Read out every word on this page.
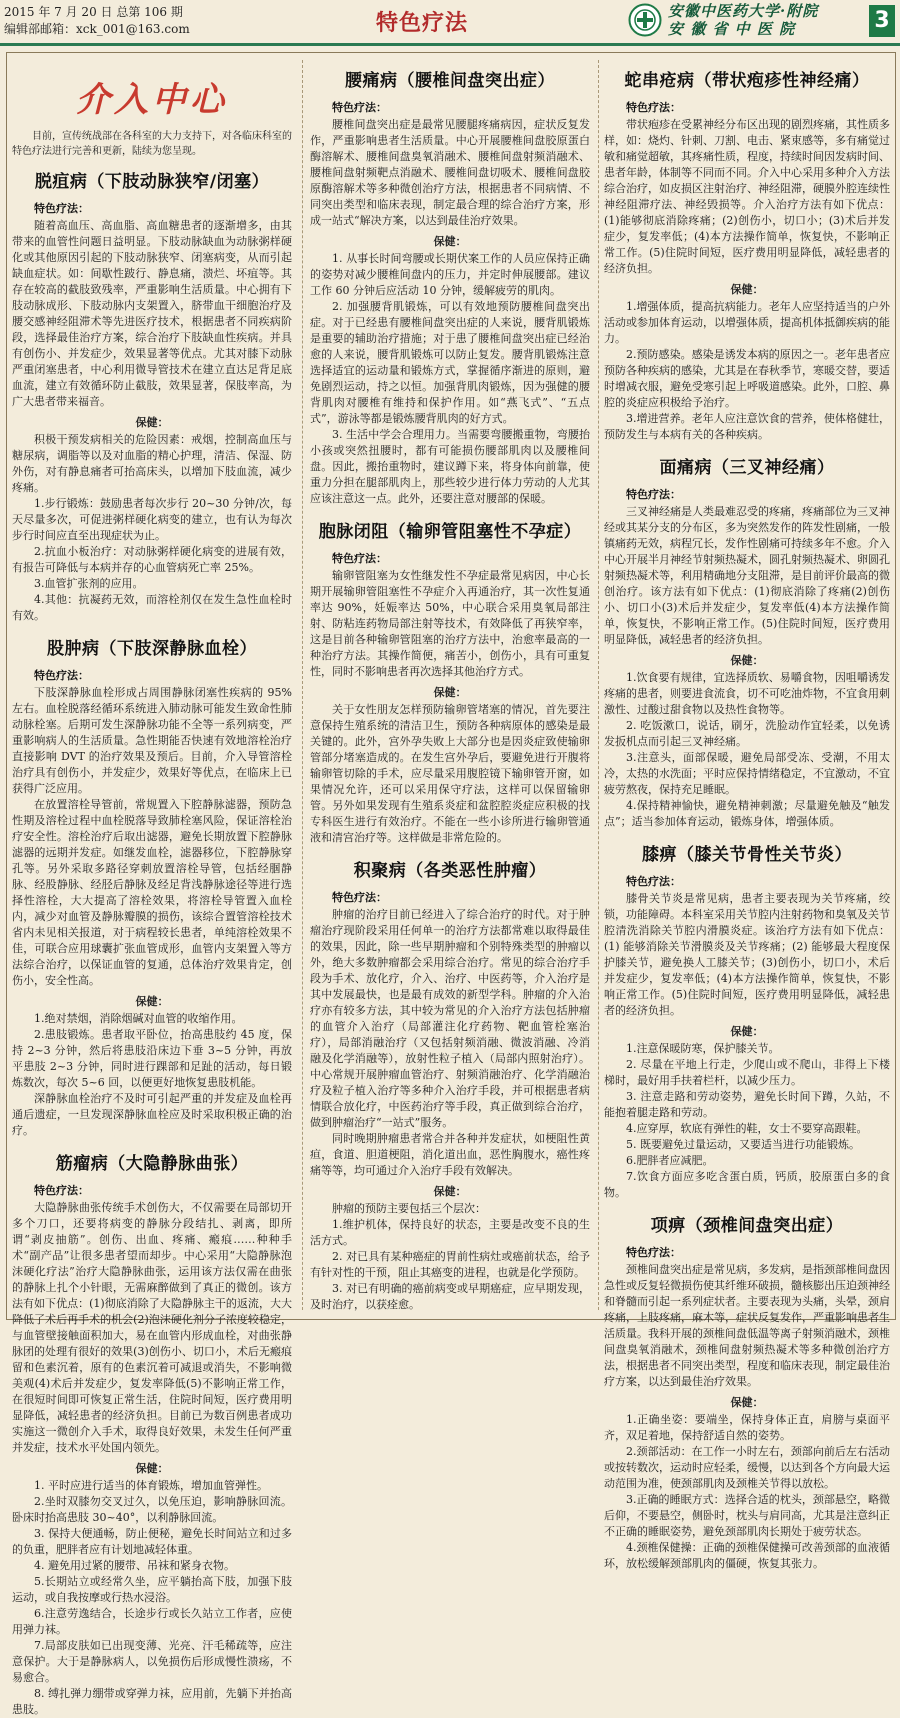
2015 年 7 月 20 日 总第 106 期
编辑部邮箱：xck_001@163.com	特色疗法	安徽中医药大学·附院
安 徽 省 中 医 院	3
介入中心
目前，宣传统战部在各科室的大力支持下，对各临床科室的特色疗法进行完善和更新，陆续为您呈现。
脱疽病（下肢动脉狭窄/闭塞）
特色疗法：

随着高血压、高血脂、高血糖患者的逐渐增多，由其带来的血管性问题日益明显。下肢动脉缺血为动脉粥样硬化或其他原因引起的下肢动脉狭窄、闭塞病变，从而引起缺血症状。如：间歇性跛行、静息痛，溃烂、坏疽等。其存在较高的截肢致残率，严重影响生活质量。中心拥有下肢动脉成形、下肢动脉内支架置入，脐带血干细胞治疗及腰交感神经阻滞术等先进医疗技术，根据患者不同疾病阶段，选择最佳治疗方案，综合治疗下肢缺血性疾病。并具有创伤小、并发症少，效果显著等优点。尤其对膝下动脉严重闭塞患者，中心利用微导管技术在建立直达足背足底血流，建立有效循环防止截肢，效果显著，保肢率高，为广大患者带来福音。

保健：

积极干预发病相关的危险因素：戒烟，控制高血压与糖尿病，调脂等以及对血脂的精心护理，清洁、保湿、防外伤，对有静息痛者可抬高床头，以增加下肢血流，减少疼痛。

1.步行锻炼：鼓励患者每次步行 20~30 分钟/次，每天尽量多次，可促进粥样硬化病变的建立，也有认为每次步行时间应直至出现症状为止。

2.抗血小板治疗：对动脉粥样硬化病变的进展有效，有报告可降低与本病并存的心血管病死亡率 25%。

3.血管扩张剂的应用。

4.其他：抗凝药无效，而溶栓剂仅在发生急性血栓时有效。

股肿病（下肢深静脉血栓）
特色疗法：

下肢深静脉血栓形成占周围静脉闭塞性疾病的 95%左右。血栓脱落经循环系统进入肺动脉可能发生致命性肺动脉栓塞。后期可发生深静脉功能不全等一系列病变，严重影响病人的生活质量。急性期能否快速有效地溶栓治疗直接影响 DVT 的治疗效果及预后。目前，介入导管溶栓治疗具有创伤小，并发症少，效果好等优点，在临床上已获得广泛应用。

在放置溶栓导管前，常规置入下腔静脉滤器，预防急性期及溶栓过程中血栓脱落导致肺栓塞风险，保证溶栓治疗安全性。溶栓治疗后取出滤器，避免长期放置下腔静脉滤器的远期并发症。如继发血栓，滤器移位，下腔静脉穿孔等。另外采取多路径穿刺放置溶栓导管，包括经腘静脉、经股静脉、经胫后静脉及经足背浅静脉途径等进行选择性溶栓，大大提高了溶栓效果，将溶栓导管置入血栓内，减少对血管及静脉瓣膜的损伤，该综合置管溶栓技术省内未见相关报道，对于病程较长患者，单纯溶栓效果不佳，可联合应用球囊扩张血管成形，血管内支架置入等方法综合治疗，以保证血管的复通，总体治疗效果肯定，创伤小，安全性高。

保健：

1.绝对禁烟，消除烟碱对血管的收缩作用。

2.患肢锻炼。患者取平卧位，抬高患肢约 45 度，保持 2~3 分钟，然后将患肢沿床边下垂 3~5 分钟，再放平患肢 2~3 分钟，同时进行踝部和足趾的活动，每日锻炼数次，每次 5~6 回，以便更好地恢复患肢机能。

深静脉血栓治疗不及时可引起严重的并发症及血栓再通后遗症，一旦发现深静脉血栓应及时采取积极正确的治疗。

筋瘤病（大隐静脉曲张）
特色疗法：

大隐静脉曲张传统手术创伤大，不仅需要在局部切开多个刀口，还要将病变的静脉分段结扎、剥离，即所谓“剥皮抽筋”。创伤、出血、疼痛、瘢痕……种种手术“副产品”让很多患者望而却步。中心采用“大隐静脉泡沫硬化疗法”治疗大隐静脉曲张，运用该方法仅需在曲张的静脉上扎个小针眼，无需麻醉做到了真正的微创。该方法有如下优点：(1)彻底消除了大隐静脉主干的返流，大大降低了术后再手术的机会(2)泡沫硬化剂分子浓度较稳定，与血管壁接触面积加大，易在血管内形成血栓，对曲张静脉团的处理有很好的效果(3)创伤小、切口小，术后无瘢痕留和色素沉着，原有的色素沉着可减退或消失，不影响微美观(4)术后并发症少，复发率降低(5)不影响正常工作，在很短时间即可恢复正常生活，住院时间短，医疗费用明显降低，减轻患者的经济负担。目前已为数百例患者成功实施这一微创介入手术，取得良好效果，未发生任何严重并发症，技术水平处国内领先。

保健：

1. 平时应进行适当的体育锻炼，增加血管弹性。

2.坐时双膝勿交叉过久，以免压迫，影响静脉回流。卧床时抬高患肢 30~40°，以利静脉回流。

3. 保持大便通畅，防止便秘，避免长时间站立和过多的负重，肥胖者应有计划地减轻体重。

4. 避免用过紧的腰带、吊袜和紧身衣物。

5.长期站立或经常久坐，应平躺抬高下肢，加强下肢运动，或自我按摩或行热水浸浴。

6.注意劳逸结合，长途步行或长久站立工作者，应使用弹力袜。

7.局部皮肤如已出现变薄、光亮、汗毛稀疏等，应注意保护。大于是静脉病人，以免损伤后形成慢性溃疡，不易愈合。

8. 缚扎弹力绷带或穿弹力袜，应用前，先躺下并抬高患肢。

腰痛病（腰椎间盘突出症）
特色疗法：

腰椎间盘突出症是最常见腰腿疼痛病因，症状反复发作，严重影响患者生活质量。中心开展腰椎间盘胶原蛋白酶溶解术、腰椎间盘臭氧消融术、腰椎间盘射频消融术、腰椎间盘射频靶点消融术、腰椎间盘切吸术、腰椎间盘胶原酶溶解术等多种微创治疗方法，根据患者不同病情、不同突出类型和临床表现，制定最合理的综合治疗方案，形成一站式“解决方案，以达到最佳治疗效果。

保健：

1. 从事长时间弯腰或长期伏案工作的人员应保持正确的姿势对减少腰椎间盘内的压力，并定时伸展腰部。建议工作 60 分钟后应活动 10 分钟，缓解疲劳的肌肉。

2. 加强腰背肌锻炼，可以有效地预防腰椎间盘突出症。对于已经患有腰椎间盘突出症的人来说，腰背肌锻炼是重要的辅助治疗措施；对于患了腰椎间盘突出症已经治愈的人来说，腰背肌锻炼可以防止复发。腰背肌锻炼注意选择适宜的运动量和锻炼方式，掌握循序渐进的原则，避免剧烈运动，持之以恒。加强背肌肉锻炼，因为强健的腰背肌肉对腰椎有维持和保护作用。如“燕飞式”、“五点式”，游泳等都是锻炼腰背肌肉的好方式。

3. 生活中学会合理用力。当需要弯腰搬重物，弯腰抬小孩或突然扭腰时，都有可能损伤腰部肌肉以及腰椎间盘。因此，搬抬重物时，建议蹲下来，将身体向前靠，使重力分担在腿部肌肉上，那些较少进行体力劳动的人尤其应该注意这一点。此外，还要注意对腰部的保暖。

胞脉闭阻（输卵管阻塞性不孕症）
特色疗法：

输卵管阻塞为女性继发性不孕症最常见病因，中心长期开展输卵管阻塞性不孕症介入再通治疗，其一次性复通率达 90%，妊娠率达 50%，中心联合采用臭氧局部注射、防粘连药物局部注射等技术，有效降低了再狭窄率，这是目前各种输卵管阻塞的治疗方法中，治愈率最高的一种治疗方法。其操作简便，痛苦小，创伤小，具有可重复性，同时不影响患者再次选择其他治疗方式。

保健：

关于女性朋友怎样预防输卵管堵塞的情况，首先要注意保持生殖系统的清洁卫生，预防各种病原体的感染是最关键的。此外，宫外孕失败上大部分也是因炎症致使输卵管部分堵塞造成的。在发生宫外孕后，要避免进行开腹将输卵管切除的手术，应尽量采用腹腔镜下输卵管开窗，如果情况允许，还可以采用保守疗法，这样可以保留输卵管。另外如果发现有生殖系炎症和盆腔腔炎症应积极的找专科医生进行有效治疗。不能在一些小诊所进行输卵管通液和清宫治疗等。这样做是非常危险的。

积聚病（各类恶性肿瘤）
特色疗法：

肿瘤的治疗目前已经进入了综合治疗的时代。对于肿瘤治疗现阶段采用任何单一的治疗方法都常难以取得最佳的效果，因此，除一些早期肿瘤和个别特殊类型的肿瘤以外，绝大多数肿瘤都会采用综合治疗。常见的综合治疗手段为手术、放化疗，介入、治疗、中医药等，介入治疗是其中发展最快，也是最有成效的新型学科。肿瘤的介入治疗亦有较多方法，其中较为常见的介入治疗方法包括肿瘤的血管介入治疗（局部灌注化疗药物、靶血管栓塞治疗），局部消融治疗（又包括射频消融、微波消融、冷消融及化学消融等），放射性粒子植入（局部内照射治疗）。中心常规开展肿瘤血管治疗、射频消融治疗、化学消融治疗及粒子植入治疗等多种介入治疗手段，并可根据患者病情联合放化疗，中医药治疗等手段，真正做到综合治疗，做到肿瘤治疗“一站式”服务。

同时晚期肿瘤患者常合并各种并发症状，如梗阻性黄疸，食道、胆道梗阻，消化道出血，恶性胸腹水，癌性疼痛等等，均可通过介入治疗手段有效解决。

保健：

肿瘤的预防主要包括三个层次：

1.维护机体，保持良好的状态，主要是改变不良的生活方式。

2. 对已具有某种癌症的胃前性病灶或癌前状态，给予有针对性的干预，阻止其癌变的进程，也就是化学预防。

3. 对已有明确的癌前病变或早期癌症，应早期发现，及时治疗，以获痊愈。

蛇串疮病（带状疱疹性神经痛）
特色疗法：

带状疱疹在受累神经分布区出现的剧烈疼痛，其性质多样，如：烧灼、针刺、刀割、电击、紧束感等，多有痛觉过敏和痛觉超敏，其疼痛性质，程度，持续时间因发病时间、患者年龄，体制等不同而不同。介入中心采用多种介入方法综合治疗，如皮损区注射治疗、神经阻滞，硬膜外腔连续性神经阻滞疗法、神经毁损等。介入治疗方法有如下优点：(1)能够彻底消除疼痛；(2)创伤小，切口小；(3)术后并发症少，复发率低；(4)本方法操作简单，恢复快，不影响正常工作。(5)住院时间短，医疗费用明显降低，减轻患者的经济负担。

保健：

1.增强体质，提高抗病能力。老年人应坚持适当的户外活动或参加体育运动，以增强体质，提高机体抵御疾病的能力。

2.预防感染。感染是诱发本病的原因之一。老年患者应预防各种疾病的感染，尤其是在春秋季节，寒暖交替，要适时增减衣服，避免受寒引起上呼吸道感染。此外，口腔、鼻腔的炎症应积极给予治疗。

3.增进营养。老年人应注意饮食的营养，使体格健壮，预防发生与本病有关的各种疾病。

面痛病（三叉神经痛）
特色疗法：

三叉神经痛是人类最难忍受的疼痛，疼痛部位为三叉神经或其某分支的分布区，多为突然发作的阵发性剧痛，一般镇痛药无效，病程冗长，发作性剧痛可持续多年不愈。介入中心开展半月神经节射频热凝术，圆孔射频热凝术、卵圆孔射频热凝术等，利用精确地分支阻滞，是目前评价最高的微创治疗。该方法有如下优点：(1)彻底消除了疼痛(2)创伤小、切口小(3)术后并发症少，复发率低(4)本方法操作简单，恢复快，不影响正常工作。(5)住院时间短，医疗费用明显降低，减轻患者的经济负担。

保健：

1.饮食要有规律，宜选择质软、易嚼食物，因咀嚼诱发疼痛的患者，则要进食流食，切不可吃油炸物，不宜食用刺激性、过酸过甜食物以及热性食物等。

2. 吃饭漱口，说话，刷牙，洗脸动作宜轻柔，以免诱发扳机点而引起三叉神经痛。

3.注意头，面部保暖，避免局部受冻、受潮，不用太冷，太热的水洗面；平时应保持情绪稳定，不宜激动，不宜疲劳熬夜，保持充足睡眠。

4.保持精神愉快，避免精神刺激；尽量避免触及“触发点”；适当参加体育运动，锻炼身体，增强体质。

膝痹（膝关节骨性关节炎）
特色疗法：

膝骨关节炎是常见病，患者主要表现为关节疼痛，绞锁，功能障碍。本科室采用关节腔内注射药物和臭氧及关节腔清洗消除关节腔内滑膜炎症。该治疗方法有如下优点：(1) 能够消除关节滑膜炎及关节疼痛；(2) 能够最大程度保护膝关节，避免换人工膝关节；(3)创伤小，切口小，术后并发症少，复发率低；(4)本方法操作简单，恢复快，不影响正常工作。(5)住院时间短，医疗费用明显降低，减轻患者的经济负担。

保健：

1.注意保暖防寒，保护膝关节。

2. 尽量在平地上行走，少爬山或不爬山，非得上下楼梯时，最好用手扶着栏杆，以减少压力。

3. 注意走路和劳动姿势，避免长时间下蹲，久站，不能抱着腿走路和劳动。

4.应穿厚，软底有弹性的鞋，女士不要穿高跟鞋。

5. 既要避免过量运动，又要适当进行功能锻炼。

6.肥胖者应减肥。

7.饮食方面应多吃含蛋白质，钙质，胶原蛋白多的食物。

项痹（颈椎间盘突出症）
特色疗法：

颈椎间盘突出症是常见病，多发病，是指颈部椎间盘因急性或反复轻微损伤使其纤维环破损，髓核膨出压迫颈神经和脊髓而引起一系列症状者。主要表现为头痛，头晕，颈肩疼痛，上肢疼痛，麻木等，症状反复发作，严重影响患者生活质量。我科开展的颈椎间盘低温等离子射频消融术，颈椎间盘臭氧消融术，颈椎间盘射频热凝术等多种微创治疗方法，根据患者不同突出类型，程度和临床表现，制定最佳治疗方案，以达到最佳治疗效果。

保健：

1.正确坐姿：要端坐，保持身体正直，肩膀与桌面平齐，双足着地，保持舒适自然的姿势。

2.颈部活动：在工作一小时左右，颈部向前后左右活动或按转数次，运动时应轻柔，缓慢，以达到各个方向最大运动范围为准，使颈部肌肉及颈椎关节得以放松。

3.正确的睡眠方式：选择合适的枕头，颈部悬空，略微后仰，不要悬空，侧卧时，枕头与肩同高，尤其是注意纠正不正确的睡眠姿势，避免颈部肌肉长期处于疲劳状态。

4.颈椎保健操：正确的颈椎保健操可改善颈部的血液循环，放松缓解颈部肌肉的僵硬，恢复其张力。
